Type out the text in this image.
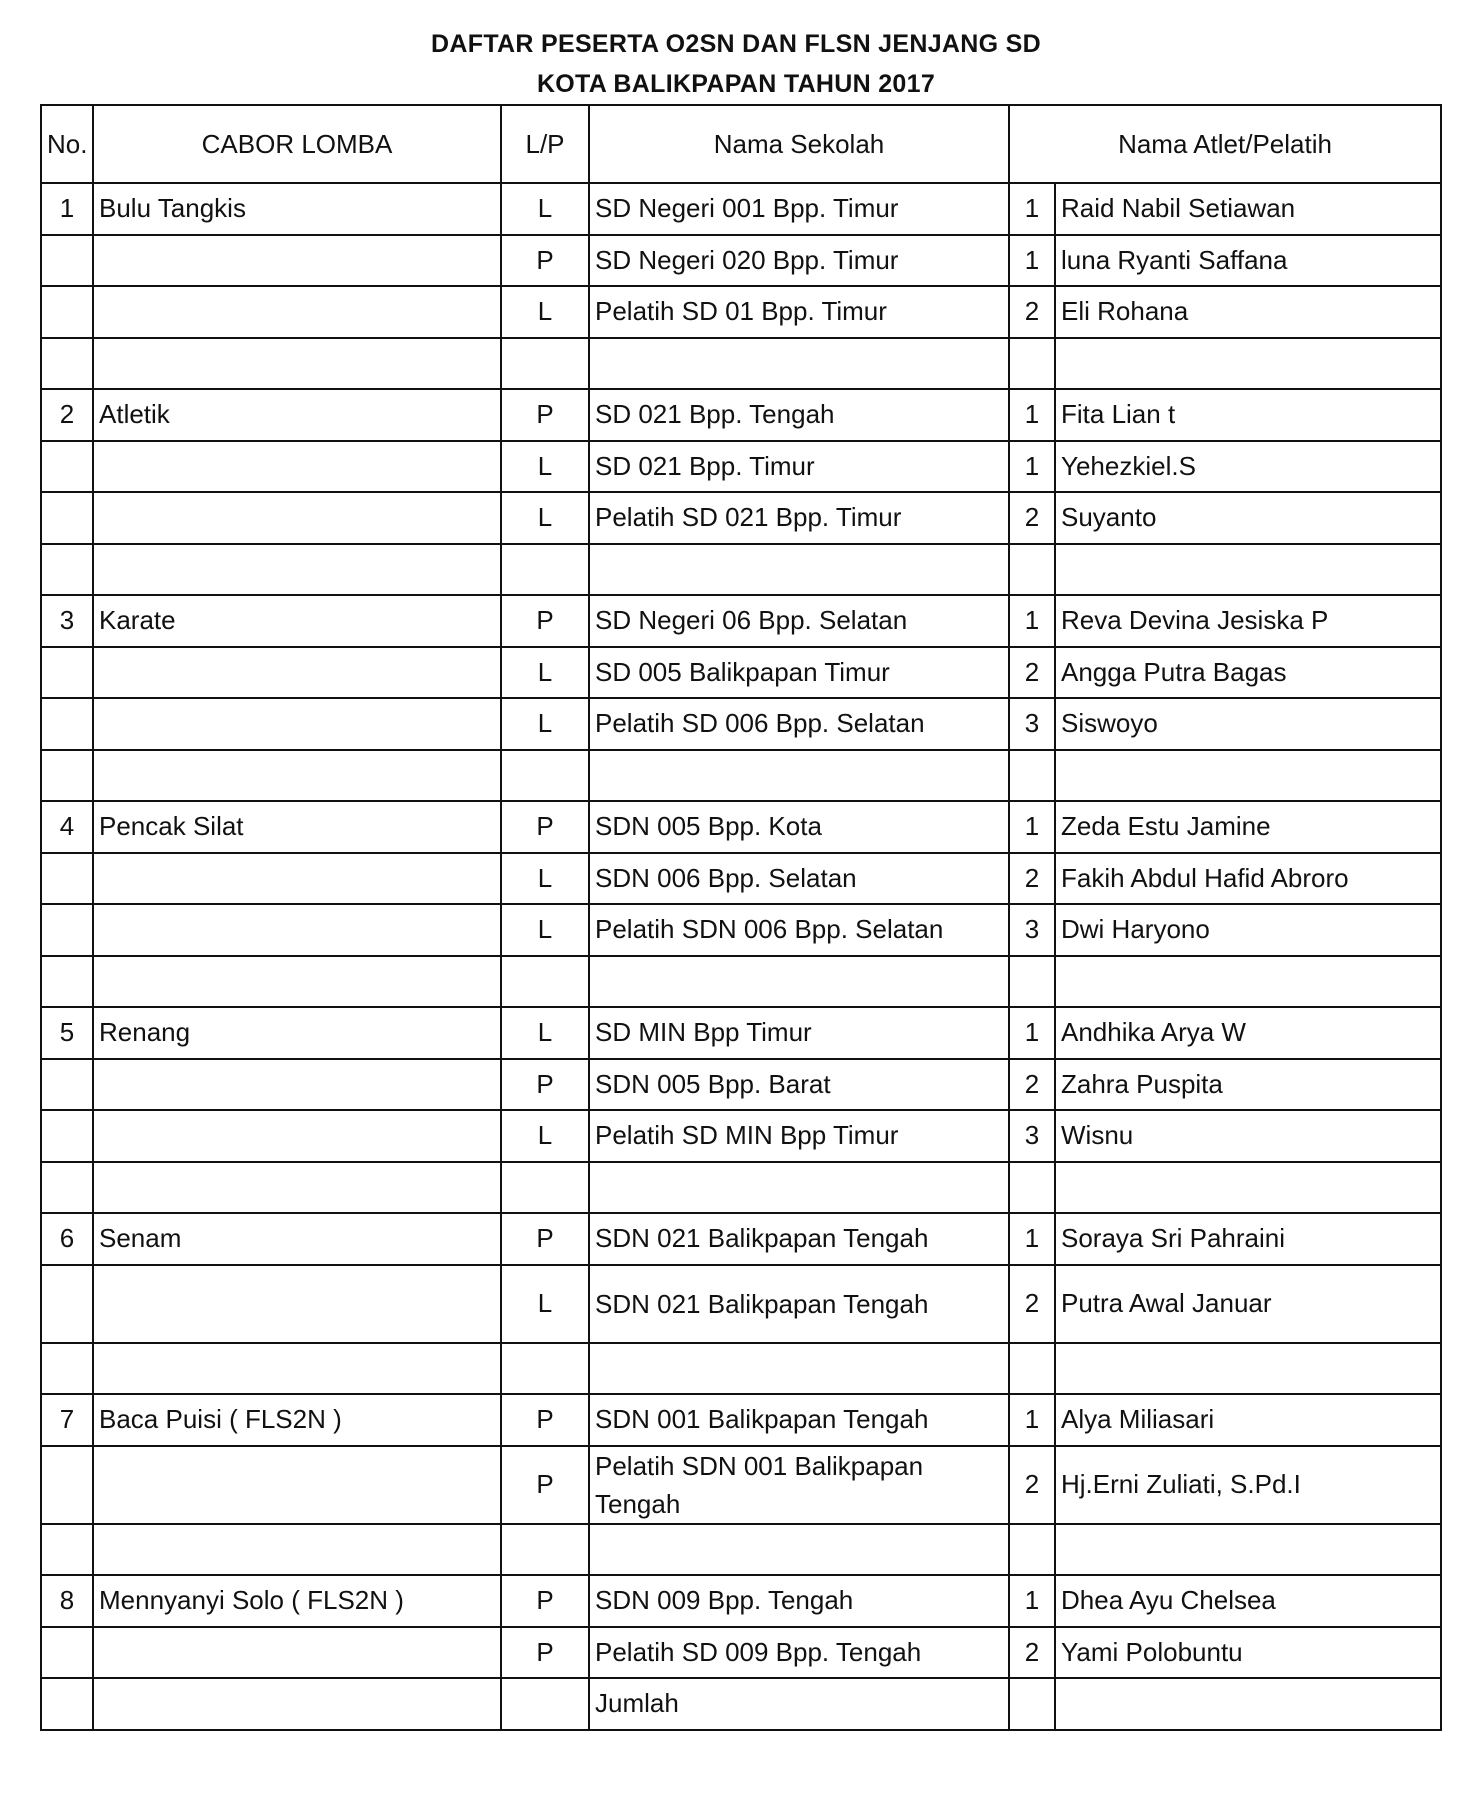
DAFTAR PESERTA O2SN DAN FLSN JENJANG SD
KOTA BALIKPAPAN TAHUN 2017
No.	CABOR LOMBA	L/P	Nama Sekolah	Nama Atlet/Pelatih	
1	Bulu Tangkis	L	SD Negeri 001 Bpp. Timur	1	Raid Nabil Setiawan
		P	SD Negeri 020 Bpp. Timur	1	luna Ryanti Saffana
		L	Pelatih SD 01 Bpp. Timur	2	Eli Rohana

2	Atletik	P	SD 021 Bpp. Tengah	1	Fita Lian t
		L	SD 021 Bpp. Timur	1	Yehezkiel.S
		L	Pelatih SD 021 Bpp. Timur	2	Suyanto

3	Karate	P	SD Negeri 06 Bpp. Selatan	1	Reva Devina Jesiska P
		L	SD 005 Balikpapan Timur	2	Angga Putra Bagas
		L	Pelatih SD 006 Bpp. Selatan	3	Siswoyo

4	Pencak Silat	P	SDN 005 Bpp. Kota	1	Zeda Estu Jamine
		L	SDN 006 Bpp. Selatan	2	Fakih Abdul Hafid Abroro
		L	Pelatih SDN 006 Bpp. Selatan	3	Dwi Haryono

5	Renang	L	SD MIN Bpp Timur	1	Andhika Arya W
		P	SDN 005 Bpp. Barat	2	Zahra Puspita
		L	Pelatih SD MIN Bpp Timur	3	Wisnu

6	Senam	P	SDN 021 Balikpapan Tengah	1	Soraya Sri Pahraini
		L	SDN 021 Balikpapan Tengah	2	Putra Awal Januar

7	Baca Puisi ( FLS2N )	P	SDN 001 Balikpapan Tengah	1	Alya Miliasari
		P	Pelatih SDN 001 Balikpapan Tengah	2	Hj.Erni Zuliati, S.Pd.I

8	Mennyanyi Solo ( FLS2N )	P	SDN 009 Bpp. Tengah	1	Dhea Ayu Chelsea
		P	Pelatih SD 009 Bpp. Tengah	2	Yami Polobuntu
			Jumlah		
